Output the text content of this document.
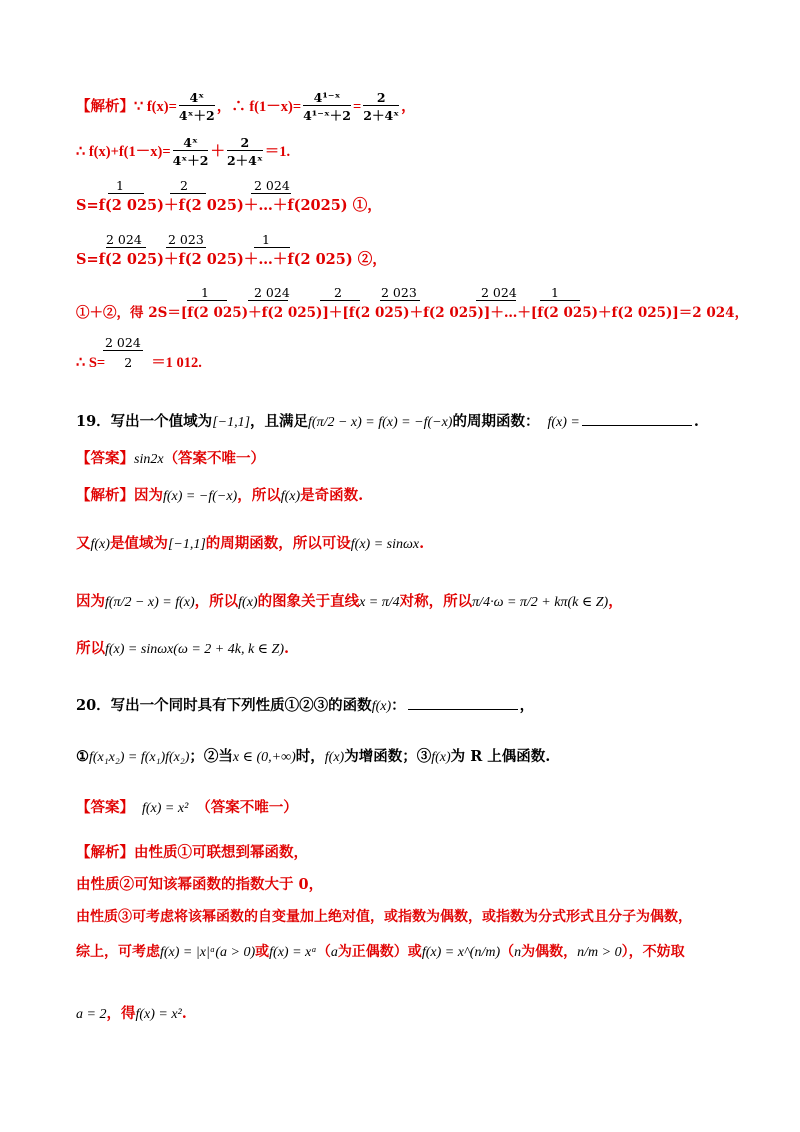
【解析】∵ $f(x)= \frac{\text{4ˣ}}{\text{4ˣ＋2}}$ ，∴ $f(1-x)= \frac{\text{4¹⁻ˣ}}{\text{4¹⁻ˣ＋2}} = \frac{2}{\text{2＋4ˣ}}$ ，
∴ $f(x)+f(1-x)= \frac{\text{4ˣ}}{\text{4ˣ＋2}} + \frac{2}{\text{2＋4ˣ}} =1$.
1	2	2 024
S=f(2 025)＋f(2 025)＋…＋f(2025) ①，
2 024 2 023	1
S=f(2 025)＋f(2 025)＋…＋f(2 025) ②，
1	2 024	2	2 023	2 024	1
①＋②，得 2S＝[f(2 025)＋f(2 025)]＋[f(2 025)＋f(2 025)]＋…＋[f(2 025)＋f(2 025)]＝2 024，
2 024
∴ S= 2 ＝1 012.
19．写出一个值域为[−1,1]，且满足f(π/2 − x) = f(x) = −f(−x)的周期函数： f(x) =	.
【答案】sin2x（答案不唯一）
【解析】因为f(x) = −f(−x)，所以f(x)是奇函数.
又f(x)是值域为[−1,1]的周期函数，所以可设f(x) = sinωx.
因为f(π/2 − x) = f(x)，所以f(x)的图象关于直线x = π/4对称，所以π/4·ω = π/2 + kπ(k ∈ Z)，
所以f(x) = sinωx(ω = 2 + 4k, k ∈ Z).
20．写出一个同时具有下列性质①②③的函数f(x)：	，
①f(x₁x₂) = f(x₁)f(x₂)；②当x ∈ (0,+∞)时，f(x)为增函数；③f(x)为 R 上偶函数.
【答案】 f(x) = x² （答案不唯一）
【解析】由性质①可联想到幂函数，
由性质②可知该幂函数的指数大于 0，
由性质③可考虑将该幂函数的自变量加上绝对值，或指数为偶数，或指数为分式形式且分子为偶数，
综上，可考虑f(x) = |x|ᵃ(a > 0)或f(x) = xᵃ（a为正偶数）或f(x) = x^(n/m)（n为偶数，n/m > 0），不妨取
a = 2，得f(x) = x².
